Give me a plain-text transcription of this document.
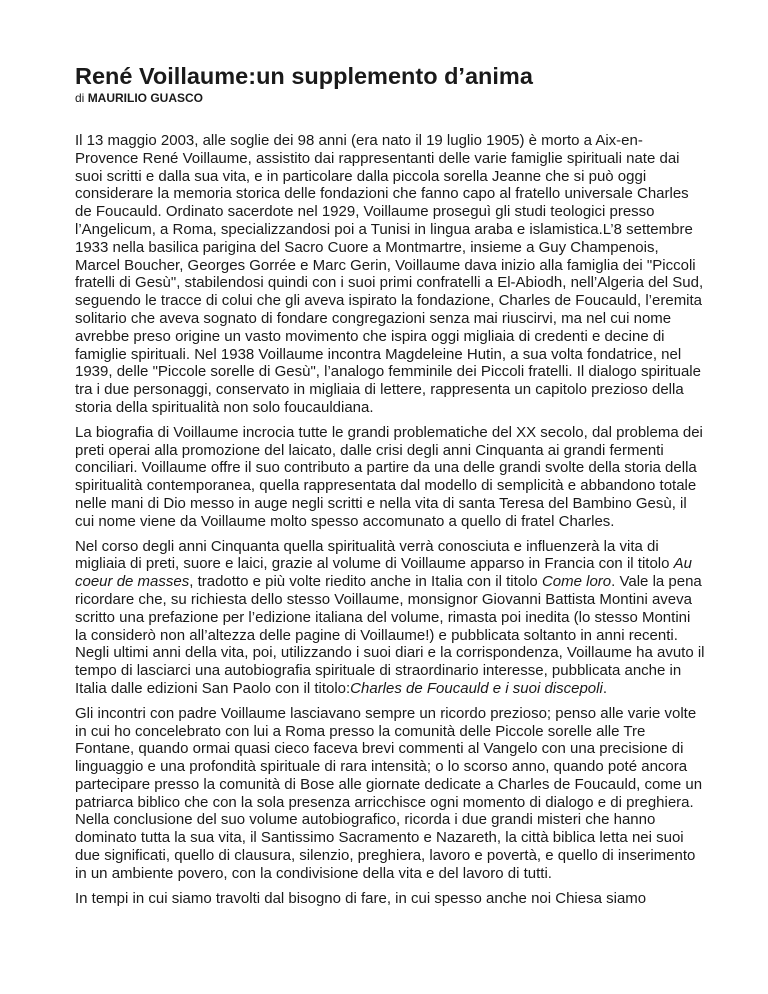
René Voillaume:un supplemento d’anima
di MAURILIO GUASCO

Il 13 maggio 2003, alle soglie dei 98 anni (era nato il 19 luglio 1905) è morto a Aix-en-Provence René Voillaume, assistito dai rappresentanti delle varie famiglie spirituali nate dai suoi scritti e dalla sua vita, e in particolare dalla piccola sorella Jeanne che si può oggi considerare la memoria storica delle fondazioni che fanno capo al fratello universale Charles de Foucauld. Ordinato sacerdote nel 1929, Voillaume proseguì gli studi teologici presso l’Angelicum, a Roma, specializzandosi poi a Tunisi in lingua araba e islamistica.L’8 settembre 1933 nella basilica parigina del Sacro Cuore a Montmartre, insieme a Guy Champenois, Marcel Boucher, Georges Gorrée e Marc Gerin, Voillaume dava inizio alla famiglia dei "Piccoli fratelli di Gesù", stabilendosi quindi con i suoi primi confratelli a El-Abiodh, nell’Algeria del Sud, seguendo le tracce di colui che gli aveva ispirato la fondazione, Charles de Foucauld, l’eremita solitario che aveva sognato di fondare congregazioni senza mai riuscirvi, ma nel cui nome avrebbe preso origine un vasto movimento che ispira oggi migliaia di credenti e decine di famiglie spirituali. Nel 1938 Voillaume incontra Magdeleine Hutin, a sua volta fondatrice, nel 1939, delle "Piccole sorelle di Gesù", l’analogo femminile dei Piccoli fratelli. Il dialogo spirituale tra i due personaggi, conservato in migliaia di lettere, rappresenta un capitolo prezioso della storia della spiritualità non solo foucauldiana.

La biografia di Voillaume incrocia tutte le grandi problematiche del XX secolo, dal problema dei preti operai alla promozione del laicato, dalle crisi degli anni Cinquanta ai grandi fermenti conciliari. Voillaume offre il suo contributo a partire da una delle grandi svolte della storia della spiritualità contemporanea, quella rappresentata dal modello di semplicità e abbandono totale nelle mani di Dio messo in auge negli scritti e nella vita di santa Teresa del Bambino Gesù, il cui nome viene da Voillaume molto spesso accomunato a quello di fratel Charles.

Nel corso degli anni Cinquanta quella spiritualità verrà conosciuta e influenzerà la vita di migliaia di preti, suore e laici, grazie al volume di Voillaume apparso in Francia con il titolo Au coeur de masses, tradotto e più volte riedito anche in Italia con il titolo Come loro. Vale la pena ricordare che, su richiesta dello stesso Voillaume, monsignor Giovanni Battista Montini aveva scritto una prefazione per l’edizione italiana del volume, rimasta poi inedita (lo stesso Montini la considerò non all’altezza delle pagine di Voillaume!) e pubblicata soltanto in anni recenti. Negli ultimi anni della vita, poi, utilizzando i suoi diari e la corrispondenza, Voillaume ha avuto il tempo di lasciarci una autobiografia spirituale di straordinario interesse, pubblicata anche in Italia dalle edizioni San Paolo con il titolo:Charles de Foucauld e i suoi discepoli.

Gli incontri con padre Voillaume lasciavano sempre un ricordo prezioso; penso alle varie volte in cui ho concelebrato con lui a Roma presso la comunità delle Piccole sorelle alle Tre Fontane, quando ormai quasi cieco faceva brevi commenti al Vangelo con una precisione di linguaggio e una profondità spirituale di rara intensità; o lo scorso anno, quando poté ancora partecipare presso la comunità di Bose alle giornate dedicate a Charles de Foucauld, come un patriarca biblico che con la sola presenza arricchisce ogni momento di dialogo e di preghiera. Nella conclusione del suo volume autobiografico, ricorda i due grandi misteri che hanno dominato tutta la sua vita, il Santissimo Sacramento e Nazareth, la città biblica letta nei suoi due significati, quello di clausura, silenzio, preghiera, lavoro e povertà, e quello di inserimento in un ambiente povero, con la condivisione della vita e del lavoro di tutti.

In tempi in cui siamo travolti dal bisogno di fare, in cui spesso anche noi Chiesa siamo
